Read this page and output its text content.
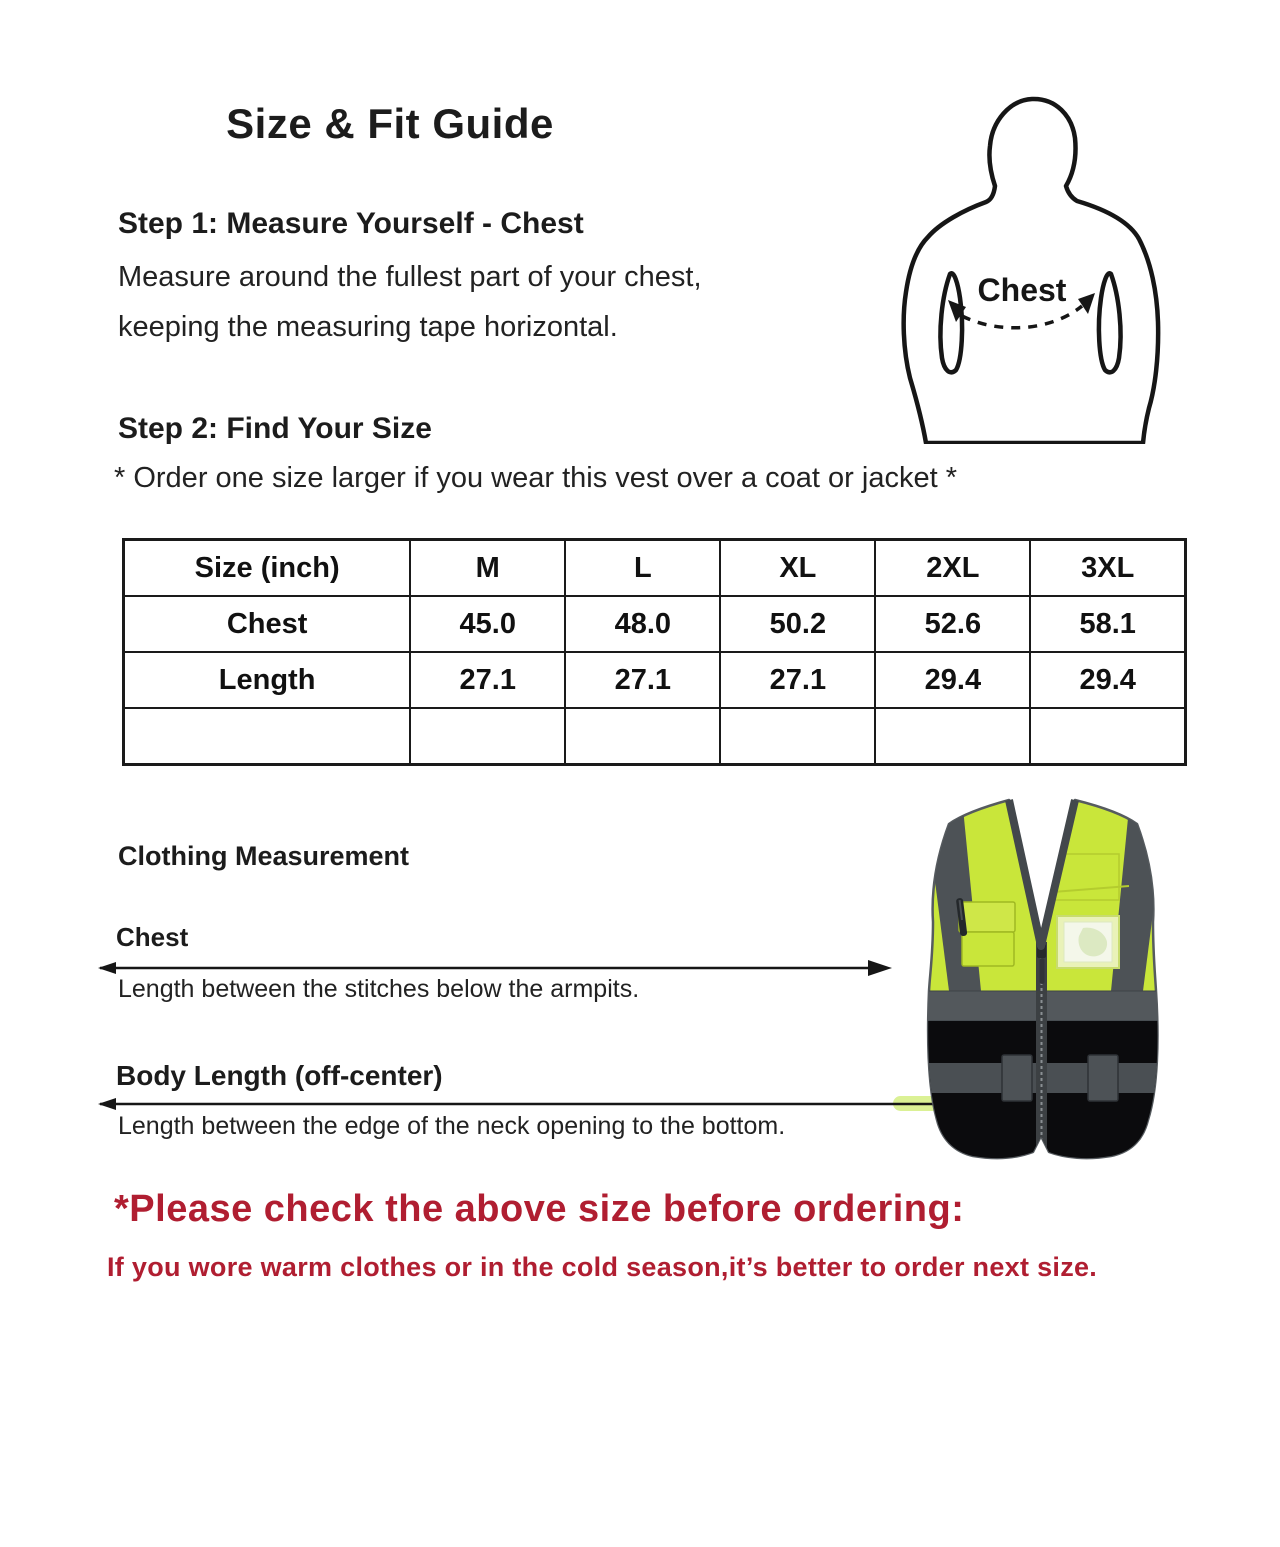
Size & Fit Guide
Step 1: Measure Yourself - Chest
Measure around the fullest part of your chest,
keeping the measuring tape horizontal.
Chest
Step 2: Find Your Size
* Order one size larger if you wear this vest over a coat or jacket *
Size (inch)	M	L	XL	2XL	3XL
Chest	45.0	48.0	50.2	52.6	58.1
Length	27.1	27.1	27.1	29.4	29.4

Clothing Measurement
Chest
Length between the stitches below the armpits.
Body Length (off-center)
Length between the edge of the neck opening to the bottom.
*Please check the above size before ordering:
If you wore warm clothes or in the cold season,it’s better to order next size.
